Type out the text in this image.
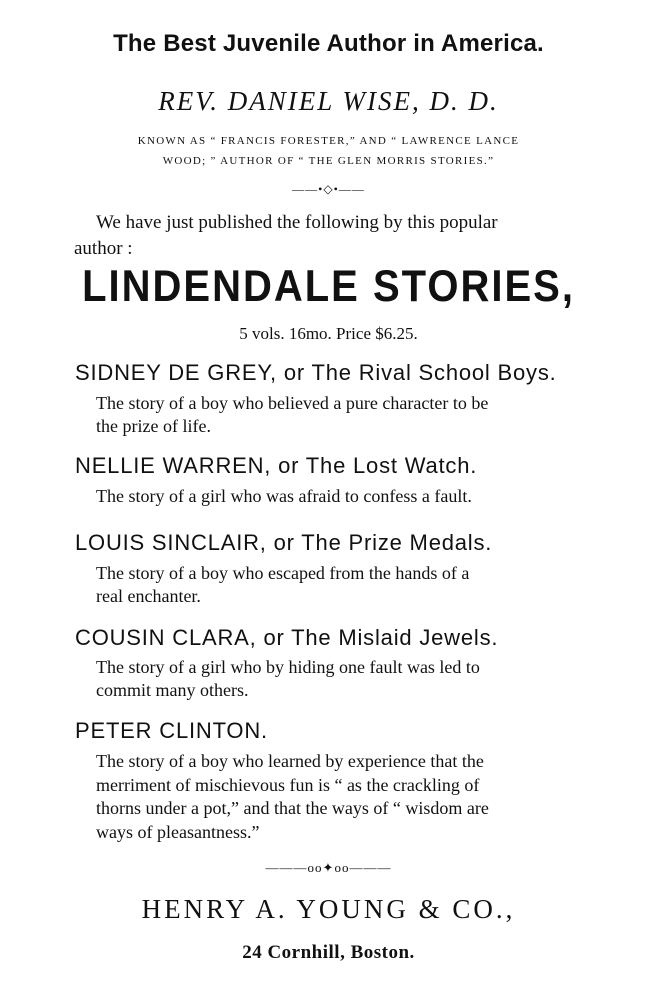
The Best Juvenile Author in America.
REV. DANIEL WISE, D. D.
KNOWN AS “ FRANCIS FORESTER,” AND “ LAWRENCE LANCE
WOOD; ” AUTHOR OF “ THE GLEN MORRIS STORIES.”
——•◇•——
We have just published the following by this popular
author :
LINDENDALE STORIES,
5 vols. 16mo. Price $6.25.
SIDNEY DE GREY, or The Rival School Boys.
The story of a boy who believed a pure character to be
the prize of life.
NELLIE WARREN, or The Lost Watch.
The story of a girl who was afraid to confess a fault.
LOUIS SINCLAIR, or The Prize Medals.
The story of a boy who escaped from the hands of a
real enchanter.
COUSIN CLARA, or The Mislaid Jewels.
The story of a girl who by hiding one fault was led to
commit many others.
PETER CLINTON.
The story of a boy who learned by experience that the
merriment of mischievous fun is “ as the crackling of
thorns under a pot,” and that the ways of “ wisdom are
ways of pleasantness.”
———oo✦oo———
HENRY A. YOUNG & CO.,
24 Cornhill, Boston.
